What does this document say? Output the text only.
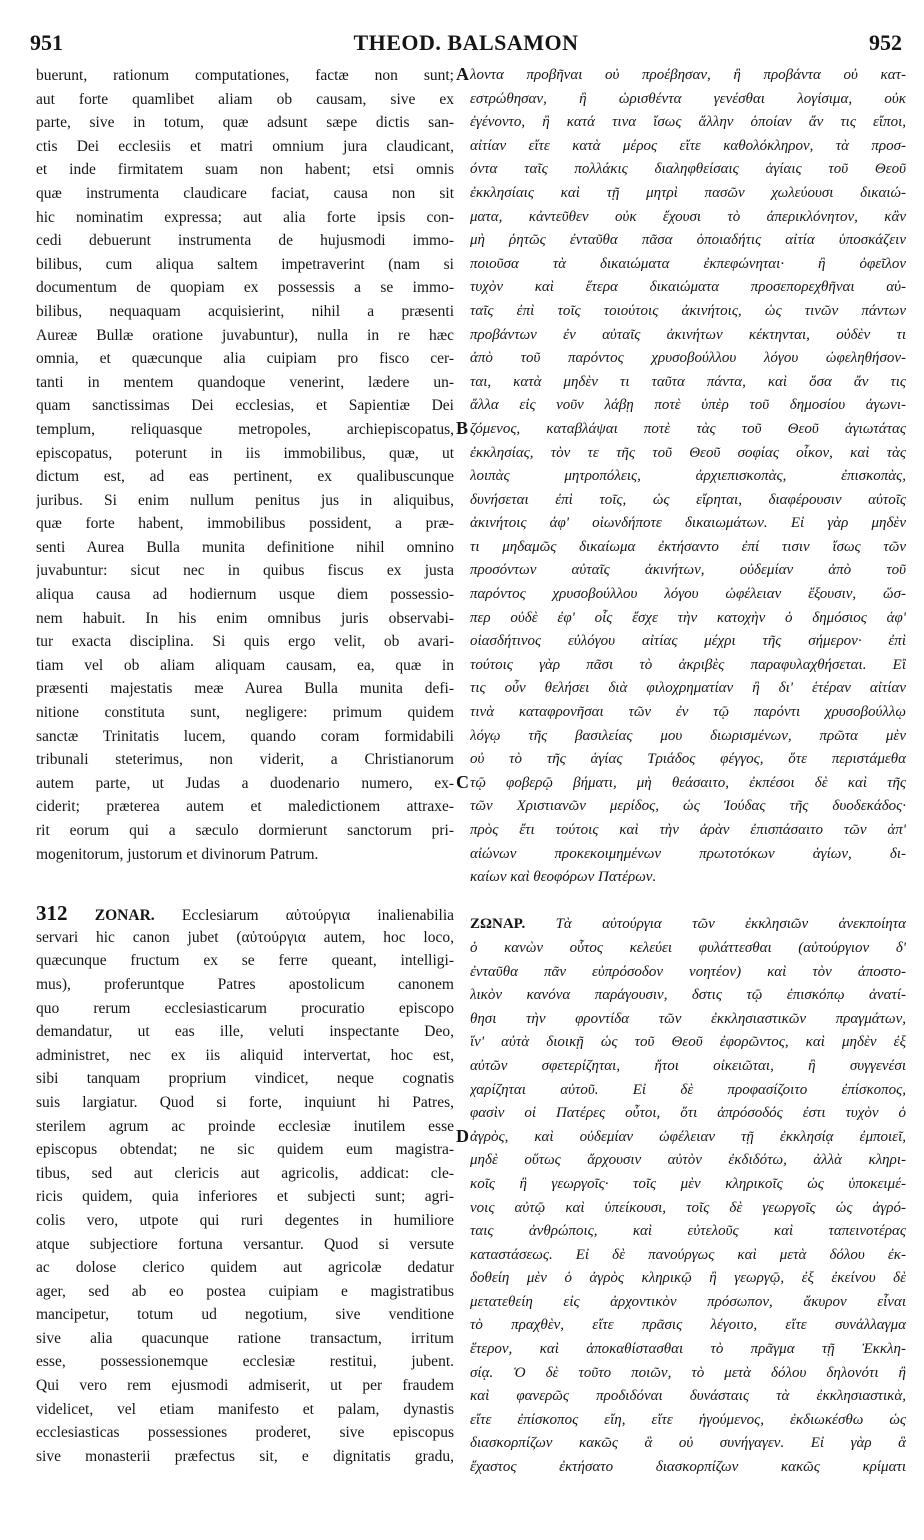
951	THEOD. BALSAMON	952
buerunt, rationum computationes, factæ non sunt;
aut forte quamlibet aliam ob causam, sive ex
parte, sive in totum, quæ adsunt sæpe dictis san-
ctis Dei ecclesiis et matri omnium jura claudicant,
et inde firmitatem suam non habent; etsi omnis
quæ instrumenta claudicare faciat, causa non sit
hic nominatim expressa; aut alia forte ipsis con-
cedi debuerunt instrumenta de hujusmodi immo-
bilibus, cum aliqua saltem impetraverint (nam si
documentum de quopiam ex possessis a se immo-
bilibus, nequaquam acquisierint, nihil a præsenti
Aureæ Bullæ oratione juvabuntur), nulla in re hæc
omnia, et quæcunque alia cuipiam pro fisco cer-
tanti in mentem quandoque venerint, lædere un-
quam sanctissimas Dei ecclesias, et Sapientiæ Dei
templum, reliquasque metropoles, archiepiscopatus,
episcopatus, poterunt in iis immobilibus, quæ, ut
dictum est, ad eas pertinent, ex qualibuscunque
juribus. Si enim nullum penitus jus in aliquibus,
quæ forte habent, immobilibus possident, a præ-
senti Aurea Bulla munita definitione nihil omnino
juvabuntur: sicut nec in quibus fiscus ex justa
aliqua causa ad hodiernum usque diem possessio-
nem habuit. In his enim omnibus juris observabi-
tur exacta disciplina. Si quis ergo velit, ob avari-
tiam vel ob aliam aliquam causam, ea, quæ in
præsenti majestatis meæ Aurea Bulla munita defi-
nitione constituta sunt, negligere: primum quidem
sanctæ Trinitatis lucem, quando coram formidabili
tribunali steterimus, non viderit, a Christianorum
autem parte, ut Judas a duodenario numero, ex-
ciderit; præterea autem et maledictionem attraxe-
rit eorum qui a sæculo dormierunt sanctorum pri-
mogenitorum, justorum et divinorum Patrum.
312 ZONAR. Ecclesiarum αὐτούργια inalienabilia
servari hic canon jubet (αὐτούργια autem, hoc loco,
quæcunque fructum ex se ferre queant, intelligi-
mus), proferuntque Patres apostolicum canonem
quo rerum ecclesiasticarum procuratio episcopo
demandatur, ut eas ille, veluti inspectante Deo,
administret, nec ex iis aliquid intervertat, hoc est,
sibi tanquam proprium vindicet, neque cognatis
suis largiatur. Quod si forte, inquiunt hi Patres,
sterilem agrum ac proinde ecclesiæ inutilem esse
episcopus obtendat; ne sic quidem eum magistra-
tibus, sed aut clericis aut agricolis, addicat: cle-
ricis quidem, quia inferiores et subjecti sunt; agri-
colis vero, utpote qui ruri degentes in humiliore
atque subjectiore fortuna versantur. Quod si versute
ac dolose clerico quidem aut agricolæ dedatur
ager, sed ab eo postea cuipiam e magistratibus
mancipetur, totum ud negotium, sive venditione
sive alia quacunque ratione transactum, irritum
esse, possessionemque ecclesiæ restitui, jubent.
Qui vero rem ejusmodi admiserit, ut per fraudem
videlicet, vel etiam manifesto et palam, dynastis
ecclesiasticas possessiones proderet, sive episcopus
sive monasterii præfectus sit, e dignitatis gradu,
λοντα προβῆναι οὐ προέβησαν, ἢ προβάντα οὐ κατ-
εστρώθησαν, ἢ ὡρισθέντα γενέσθαι λογίσιμα, οὐκ
ἐγένοντο, ἢ κατά τινα ἴσως ἄλλην ὁποίαν ἄν τις εἴποι,
αἰτίαν εἴτε κατὰ μέρος εἴτε καθολόκληρον, τὰ προσ-
όντα ταῖς πολλάκις διαληφθείσαις ἁγίαις τοῦ Θεοῦ
ἐκκλησίαις καὶ τῇ μητρὶ πασῶν χωλεύουσι δικαιώ-
ματα, κἀντεῦθεν οὐκ ἔχουσι τὸ ἀπερικλόνητον, κἂν
μὴ ῥητῶς ἐνταῦθα πᾶσα ὁποιαδήτις αἰτία ὑποσκάζειν
ποιοῦσα τὰ δικαιώματα ἐκπεφώνηται· ἢ ὀφεῖλον
τυχὸν καὶ ἕτερα δικαιώματα προσεπορεχθῆναι αὐ-
ταῖς ἐπὶ τοῖς τοιούτοις ἀκινήτοις, ὡς τινῶν πάντων
προβάντων ἐν αὐταῖς ἀκινήτων κέκτηνται, οὐδὲν τι
ἀπὸ τοῦ παρόντος χρυσοβούλλου λόγου ὠφεληθήσον-
ται, κατὰ μηδὲν τι ταῦτα πάντα, καὶ ὅσα ἄν τις
ἄλλα εἰς νοῦν λάβῃ ποτὲ ὑπὲρ τοῦ δημοσίου ἀγωνι-
ζόμενος, καταβλάψαι ποτὲ τὰς τοῦ Θεοῦ ἁγιωτάτας
ἐκκλησίας, τὸν τε τῆς τοῦ Θεοῦ σοφίας οἶκον, καὶ τὰς
λοιπὰς μητροπόλεις, ἀρχιεπισκοπὰς, ἐπισκοπὰς,
δυνήσεται ἐπὶ τοῖς, ὡς εἴρηται, διαφέρουσιν αὐτοῖς
ἀκινήτοις ἀφ' οἱωνδήποτε δικαιωμάτων. Εἰ γὰρ μηδὲν
τι μηδαμῶς δικαίωμα ἐκτήσαντο ἐπί τισιν ἴσως τῶν
προσόντων αὐταῖς ἀκινήτων, οὐδεμίαν ἀπὸ τοῦ
παρόντος χρυσοβούλλου λόγου ὠφέλειαν ἕξουσιν, ὥσ-
περ οὐδὲ ἐφ' οἷς ἔσχε τὴν κατοχὴν ὁ δημόσιος ἀφ'
οἱασδήτινος εὐλόγου αἰτίας μέχρι τῆς σήμερον· ἐπὶ
τούτοις γὰρ πᾶσι τὸ ἀκριβὲς παραφυλαχθήσεται. Εἴ
τις οὖν θελήσει διὰ φιλοχρηματίαν ἢ δι' ἑτέραν αἰτίαν
τινὰ καταφρονῆσαι τῶν ἐν τῷ παρόντι χρυσοβούλλῳ
λόγῳ τῆς βασιλείας μου διωρισμένων, πρῶτα μὲν
οὐ τὸ τῆς ἁγίας Τριάδος φέγγος, ὅτε περιστάμεθα
τῷ φοβερῷ βήματι, μὴ θεάσαιτο, ἐκπέσοι δὲ καὶ τῆς
τῶν Χριστιανῶν μερίδος, ὡς Ἰούδας τῆς δυοδεκάδος·
πρὸς ἔτι τούτοις καὶ τὴν ἀρὰν ἐπισπάσαιτο τῶν ἀπ'
αἰώνων προκεκοιμημένων πρωτοτόκων ἁγίων, δι-
καίων καὶ θεοφόρων Πατέρων.
ΖΩΝΑΡ. Τὰ αὐτούργια τῶν ἐκκλησιῶν ἀνεκποίητα
ὁ κανὼν οὗτος κελεύει φυλάττεσθαι (αὐτούργιον δ'
ἐνταῦθα πᾶν εὐπρόσοδον νοητέον) καὶ τὸν ἀποστο-
λικὸν κανόνα παράγουσιν, δστις τῷ ἐπισκόπῳ ἀνατί-
θησι τὴν φροντίδα τῶν ἐκκλησιαστικῶν πραγμάτων,
ἵν' αὐτὰ διοικῇ ὡς τοῦ Θεοῦ ἐφορῶντος, καὶ μηδὲν ἐξ
αὐτῶν σφετερίζηται, ἤτοι οἰκειῶται, ἢ συγγενέσι
χαρίζηται αὐτοῦ. Εἰ δὲ προφασίζοιτο ἐπίσκοπος,
φασὶν οἱ Πατέρες οὗτοι, ὅτι ἀπρόσοδός ἐστι τυχὸν ὁ
ἀγρὸς, καὶ οὐδεμίαν ὠφέλειαν τῇ ἐκκλησίᾳ ἐμποιεῖ,
μηδὲ οὕτως ἄρχουσιν αὐτὸν ἐκδιδότω, ἀλλὰ κληρι-
κοῖς ἢ γεωργοῖς· τοῖς μὲν κληρικοῖς ὡς ὑποκειμέ-
νοις αὐτῷ καὶ ὑπείκουσι, τοῖς δὲ γεωργοῖς ὡς ἀγρό-
ταις ἀνθρώποις, καὶ εὐτελοῦς καὶ ταπεινοτέρας
καταστάσεως. Εἰ δὲ πανούργως καὶ μετὰ δόλου ἐκ-
δοθείη μὲν ὁ ἀγρὸς κληρικῷ ἢ γεωργῷ, ἐξ ἐκείνου δὲ
μετατεθείη εἰς ἀρχοντικὸν πρόσωπον, ἄκυρον εἶναι
τὸ πραχθὲν, εἴτε πρᾶσις λέγοιτο, εἴτε συνάλλαγμα
ἕτερον, καὶ ἀποκαθίστασθαι τὸ πρᾶγμα τῇ Ἐκκλη-
σίᾳ. Ὁ δὲ τοῦτο ποιῶν, τὸ μετὰ δόλου δηλονότι ἢ
καὶ φανερῶς προδιδόναι δυνάσταις τὰ ἐκκλησιαστικὰ,
εἴτε ἐπίσκοπος εἴη, εἴτε ἡγούμενος, ἐκδιωκέσθω ὡς
διασκορπίζων κακῶς ἃ οὐ συνήγαγεν. Εἰ γὰρ ἃ
ἔχαστος ἐκτήσατο διασκορπίζων κακῶς κρίματι
A
B
C
D
